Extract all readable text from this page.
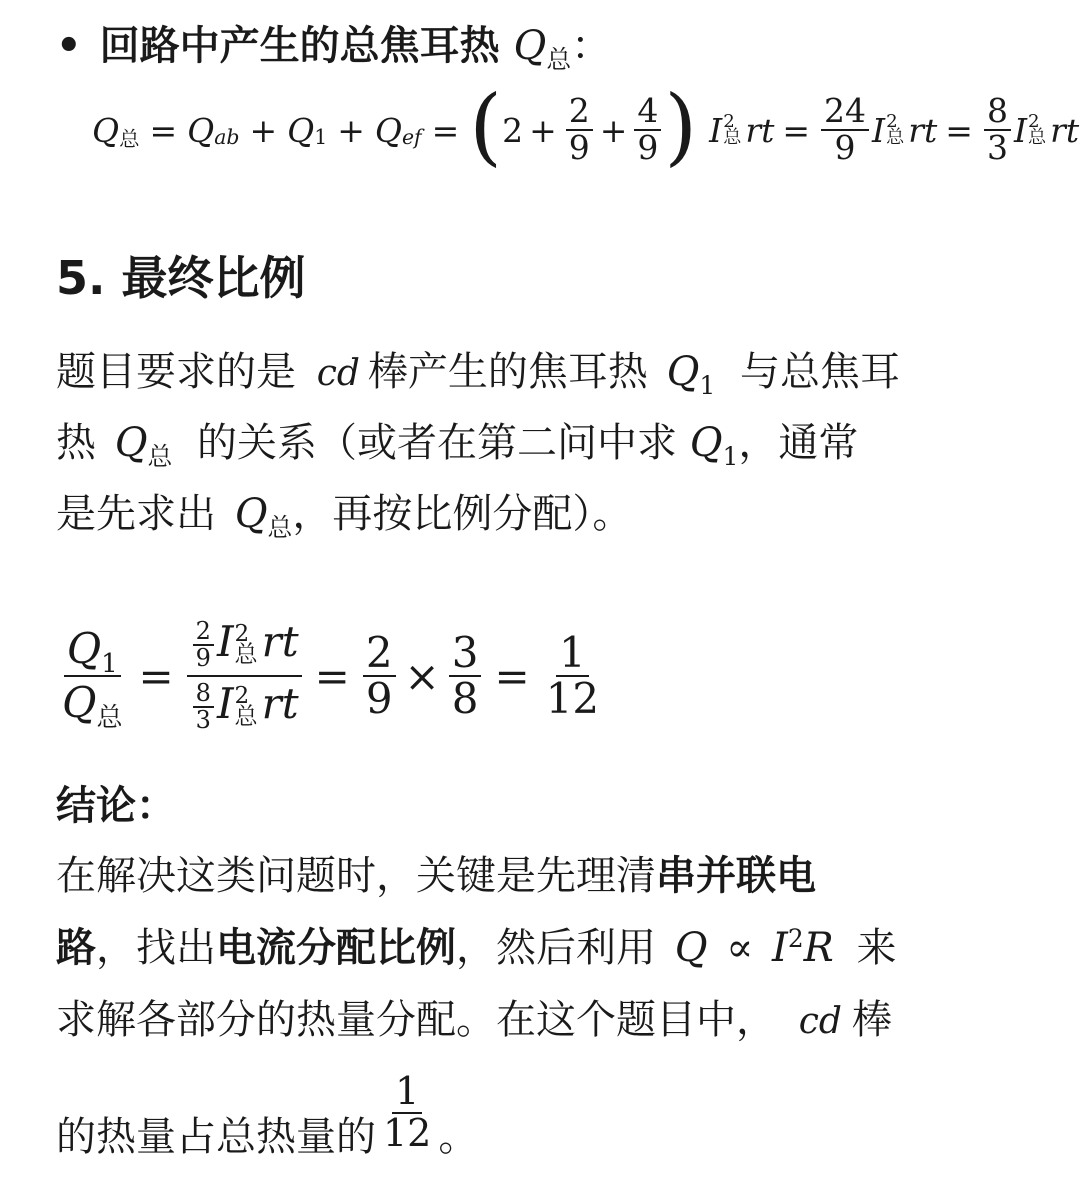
• 回路中产生的总焦耳热 $Q_总$：
Q 总 = Q ab + Q 1 + Q ef = ( $2 + \frac{2}{9} + \frac{4}{9}$ ) I 2
总 rt = $\frac{24}{9}$ I 2
总 rt = $\frac{8}{3}$ I 2
总 rt
5. 最终比例
题目要求的是 cd 棒产生的焦耳热 $Q_1$ 与总焦耳
热 $Q_总$ 的关系（或者在第二问中求 $Q_1$，通常
是先求出 $Q_总$，再按比例分配）。
$\frac{Q_1}{Q_总} = \frac{2}{9}$ I 2
总 rt
$\frac{8}{3}$ I 2
总 rt = $\frac{2}{9} \times \frac{3}{8} = \frac{1}{12}$
结论：
在解决这类问题时，关键是先理清串并联电
路，找出电流分配比例，然后利用 $Q \propto I^2R$ 来
求解各部分的热量分配。在这个题目中， cd 棒
的热量占总热量的 $\frac{1}{12}$ 。
